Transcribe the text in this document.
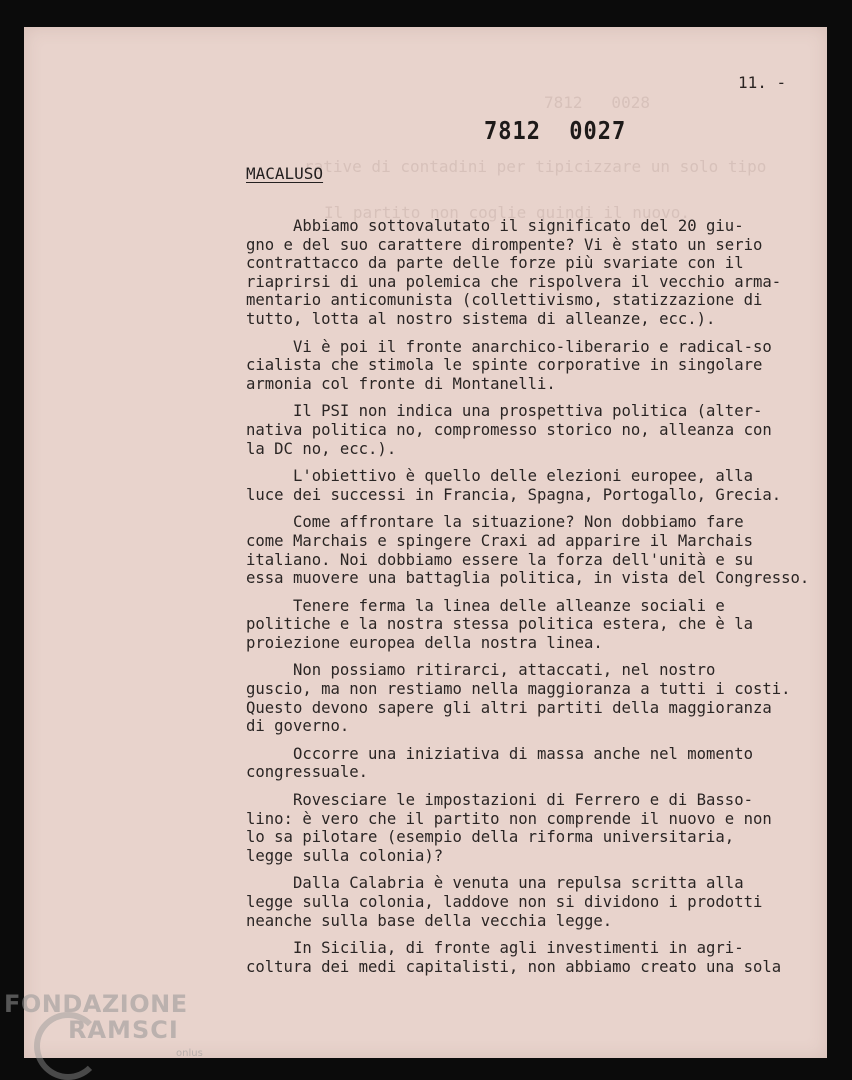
7812   0028
rative di contadini per tipicizzare un solo tipo
Il partito non coglie quindi il nuovo.
11. -
7812 0027
MACALUSO
Abbiamo sottovalutato il significato del 20 giu-
gno e del suo carattere dirompente? Vi è stato un serio
contrattacco da parte delle forze più svariate con il
riaprirsi di una polemica che rispolvera il vecchio arma-
mentario anticomunista (collettivismo, statizzazione di
tutto, lotta al nostro sistema di alleanze, ecc.).
Vi è poi il fronte anarchico-liberario e radical-so
cialista che stimola le spinte corporative in singolare
armonia col fronte di Montanelli.
Il PSI non indica una prospettiva politica (alter-
nativa politica no, compromesso storico no, alleanza con
la DC no, ecc.).
L'obiettivo è quello delle elezioni europee, alla
luce dei successi in Francia, Spagna, Portogallo, Grecia.
Come affrontare la situazione? Non dobbiamo fare
come Marchais e spingere Craxi ad apparire il Marchais
italiano. Noi dobbiamo essere la forza dell'unità e su
essa muovere una battaglia politica, in vista del Congresso.
Tenere ferma la linea delle alleanze sociali e
politiche e la nostra stessa politica estera, che è la
proiezione europea della nostra linea.
Non possiamo ritirarci, attaccati, nel nostro
guscio, ma non restiamo nella maggioranza a tutti i costi.
Questo devono sapere gli altri partiti della maggioranza
di governo.
Occorre una iniziativa di massa anche nel momento
congressuale.
Rovesciare le impostazioni di Ferrero e di Basso-
lino: è vero che il partito non comprende il nuovo e non
lo sa pilotare (esempio della riforma universitaria,
legge sulla colonia)?
Dalla Calabria è venuta una repulsa scritta alla
legge sulla colonia, laddove non si dividono i prodotti
neanche sulla base della vecchia legge.
In Sicilia, di fronte agli investimenti in agri-
coltura dei medi capitalisti, non abbiamo creato una sola
FONDAZIONE
RAMSCI
onlus
